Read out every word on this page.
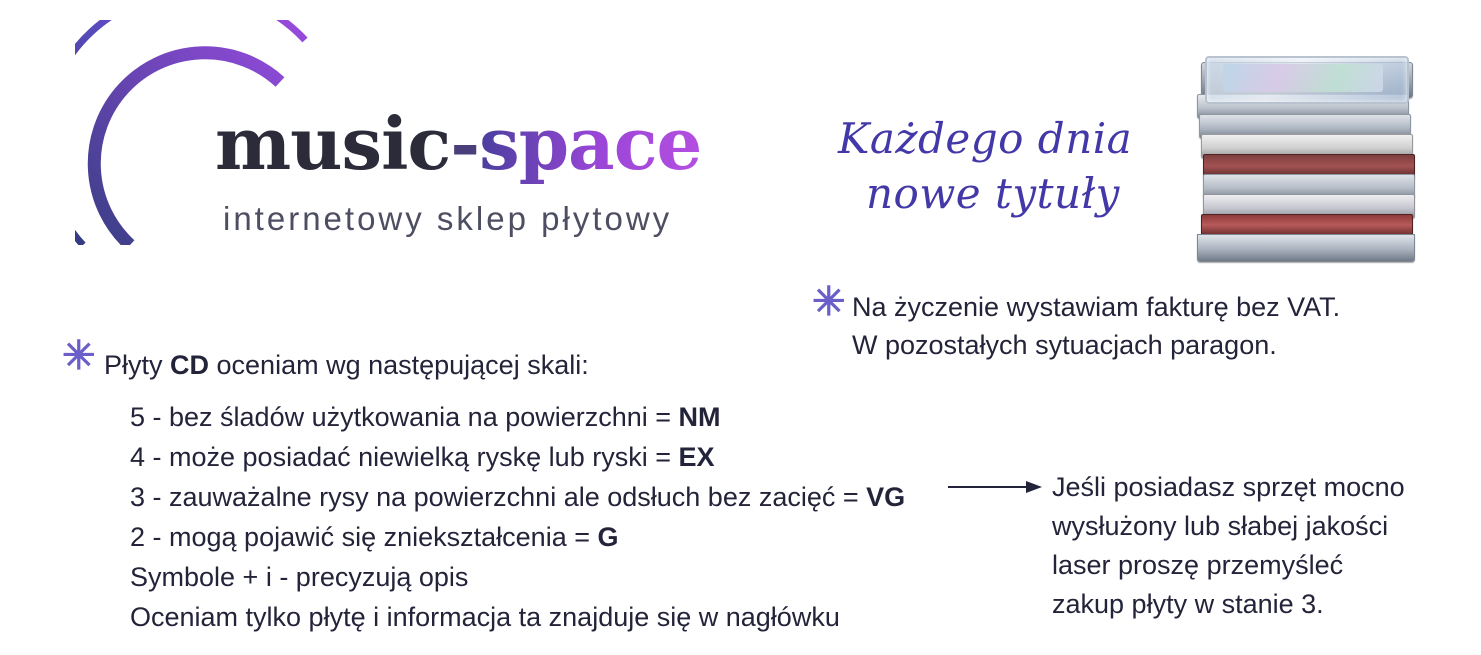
music-space
internetowy sklep płytowy
Każdego dnia
nowe tytuły
✳ Na życzenie wystawiam fakturę bez VAT.
W pozostałych sytuacjach paragon.
✳ Płyty CD oceniam wg następującej skali:
5 - bez śladów użytkowania na powierzchni = NM
4 - może posiadać niewielką ryskę lub ryski = EX
3 - zauważalne rysy na powierzchni ale odsłuch bez zacięć = VG
2 - mogą pojawić się zniekształcenia = G
Symbole + i - precyzują opis
Oceniam tylko płytę i informacja ta znajduje się w nagłówku
Jeśli posiadasz sprzęt mocno
wysłużony lub słabej jakości
laser proszę przemyśleć
zakup płyty w stanie 3.
